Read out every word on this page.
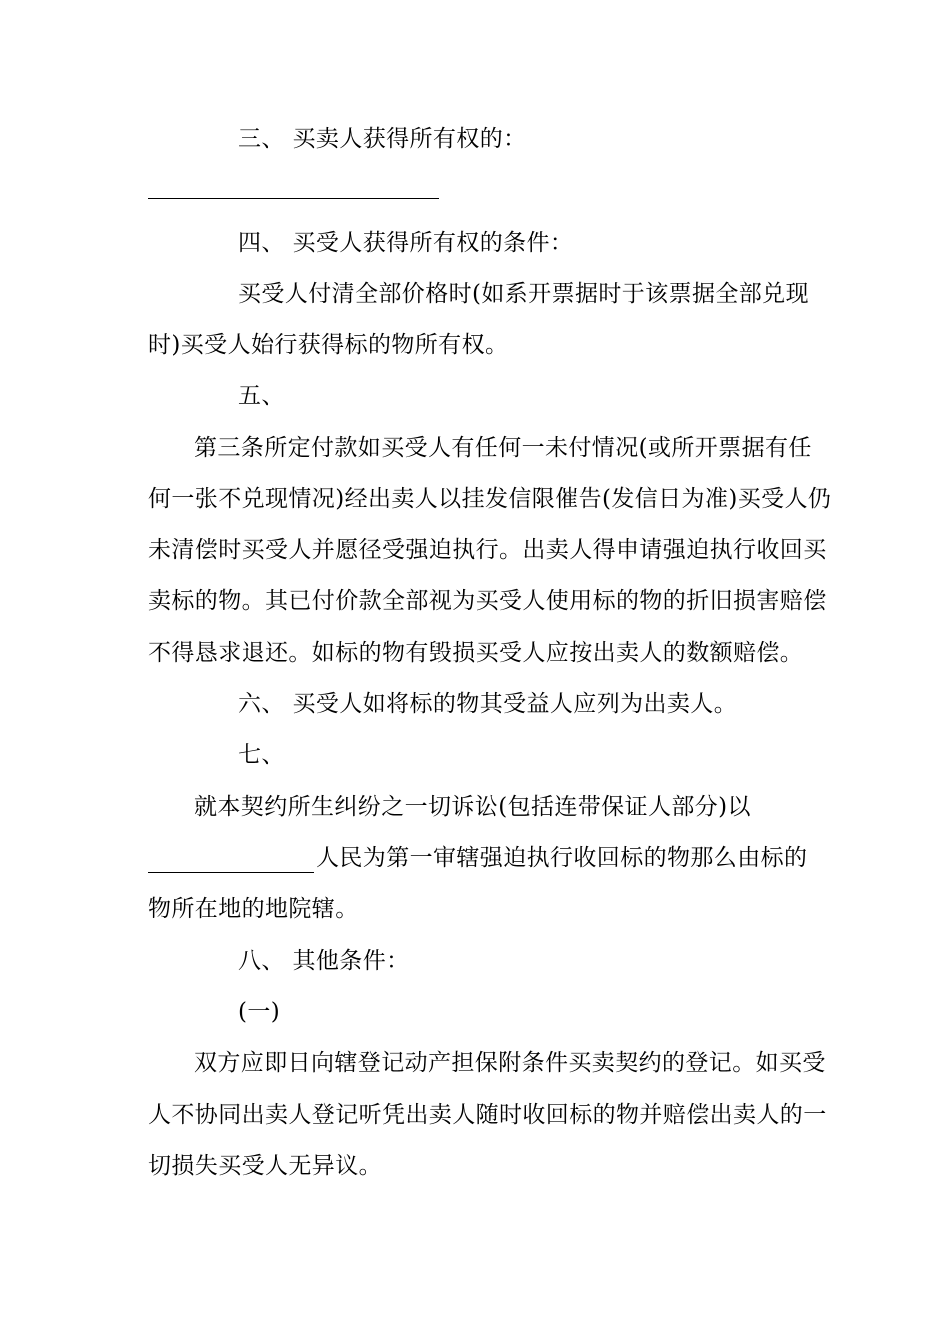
三、 买卖人获得所有权的：
四、 买受人获得所有权的条件：
买受人付清全部价格时(如系开票据时于该票据全部兑现
时)买受人始行获得标的物所有权。
五、
第三条所定付款如买受人有任何一未付情况(或所开票据有任
何一张不兑现情况)经出卖人以挂发信限催告(发信日为准)买受人仍
未清偿时买受人并愿径受强迫执行。出卖人得申请强迫执行收回买
卖标的物。其已付价款全部视为买受人使用标的物的折旧损害赔偿
不得恳求退还。如标的物有毁损买受人应按出卖人的数额赔偿。
六、 买受人如将标的物其受益人应列为出卖人。
七、
就本契约所生纠纷之一切诉讼(包括连带保证人部分)以
人民为第一审辖强迫执行收回标的物那么由标的
物所在地的地院辖。
八、 其他条件：
(一)
双方应即日向辖登记动产担保附条件买卖契约的登记。如买受
人不协同出卖人登记听凭出卖人随时收回标的物并赔偿出卖人的一
切损失买受人无异议。
